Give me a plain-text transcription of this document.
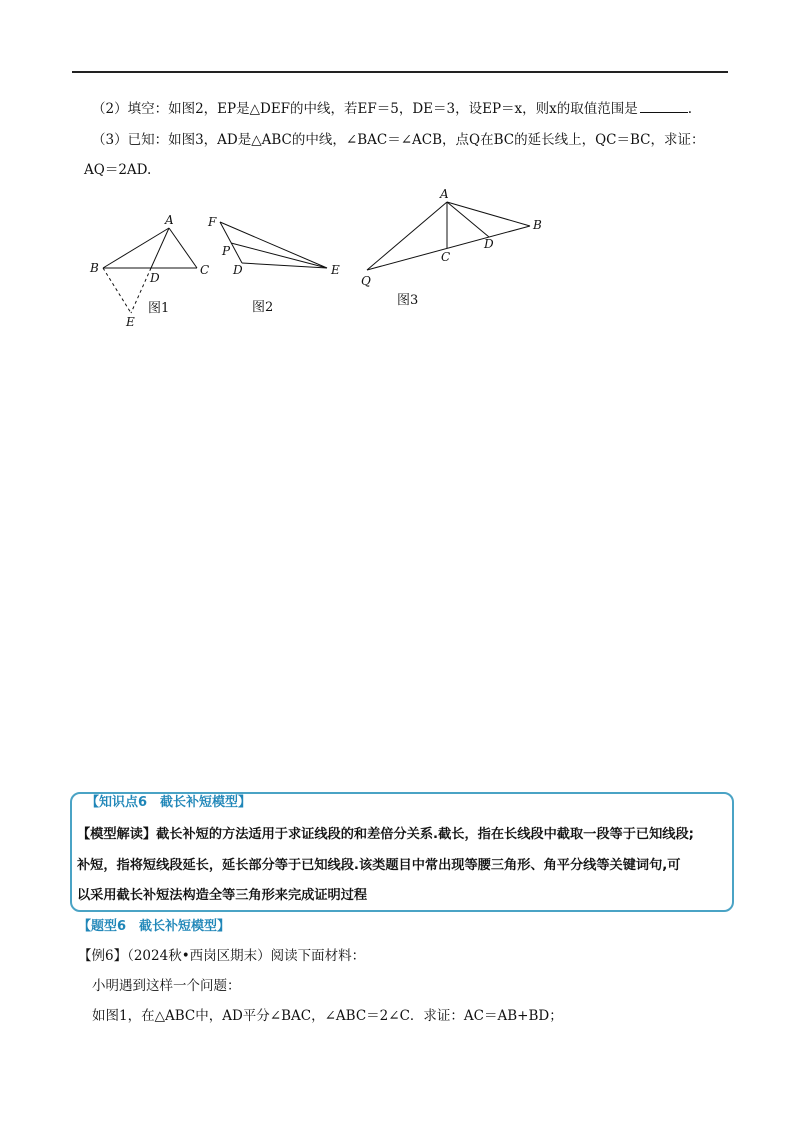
（2）填空：如图2，EP是△DEF的中线，若EF＝5，DE＝3，设EP＝x，则x的取值范围是	.
（3）已知：如图3，AD是△ABC的中线，∠BAC＝∠ACB，点Q在BC的延长线上，QC＝BC，求证：
AQ＝2AD.
A
B	C
D
E
图1
F
P
D	E
图2
A
B
C
D
Q
图3
【知识点6　截长补短模型】
【模型解读】截长补短的方法适用于求证线段的和差倍分关系.截长，指在长线段中截取一段等于已知线段;
补短，指将短线段延长，延长部分等于已知线段.该类题目中常出现等腰三角形、角平分线等关键词句,可
以采用截长补短法构造全等三角形来完成证明过程
【题型6　截长补短模型】
【例6】（2024秋•西岗区期末）阅读下面材料：
小明遇到这样一个问题：
如图1，在△ABC中，AD平分∠BAC，∠ABC＝2∠C．求证：AC＝AB+BD；
